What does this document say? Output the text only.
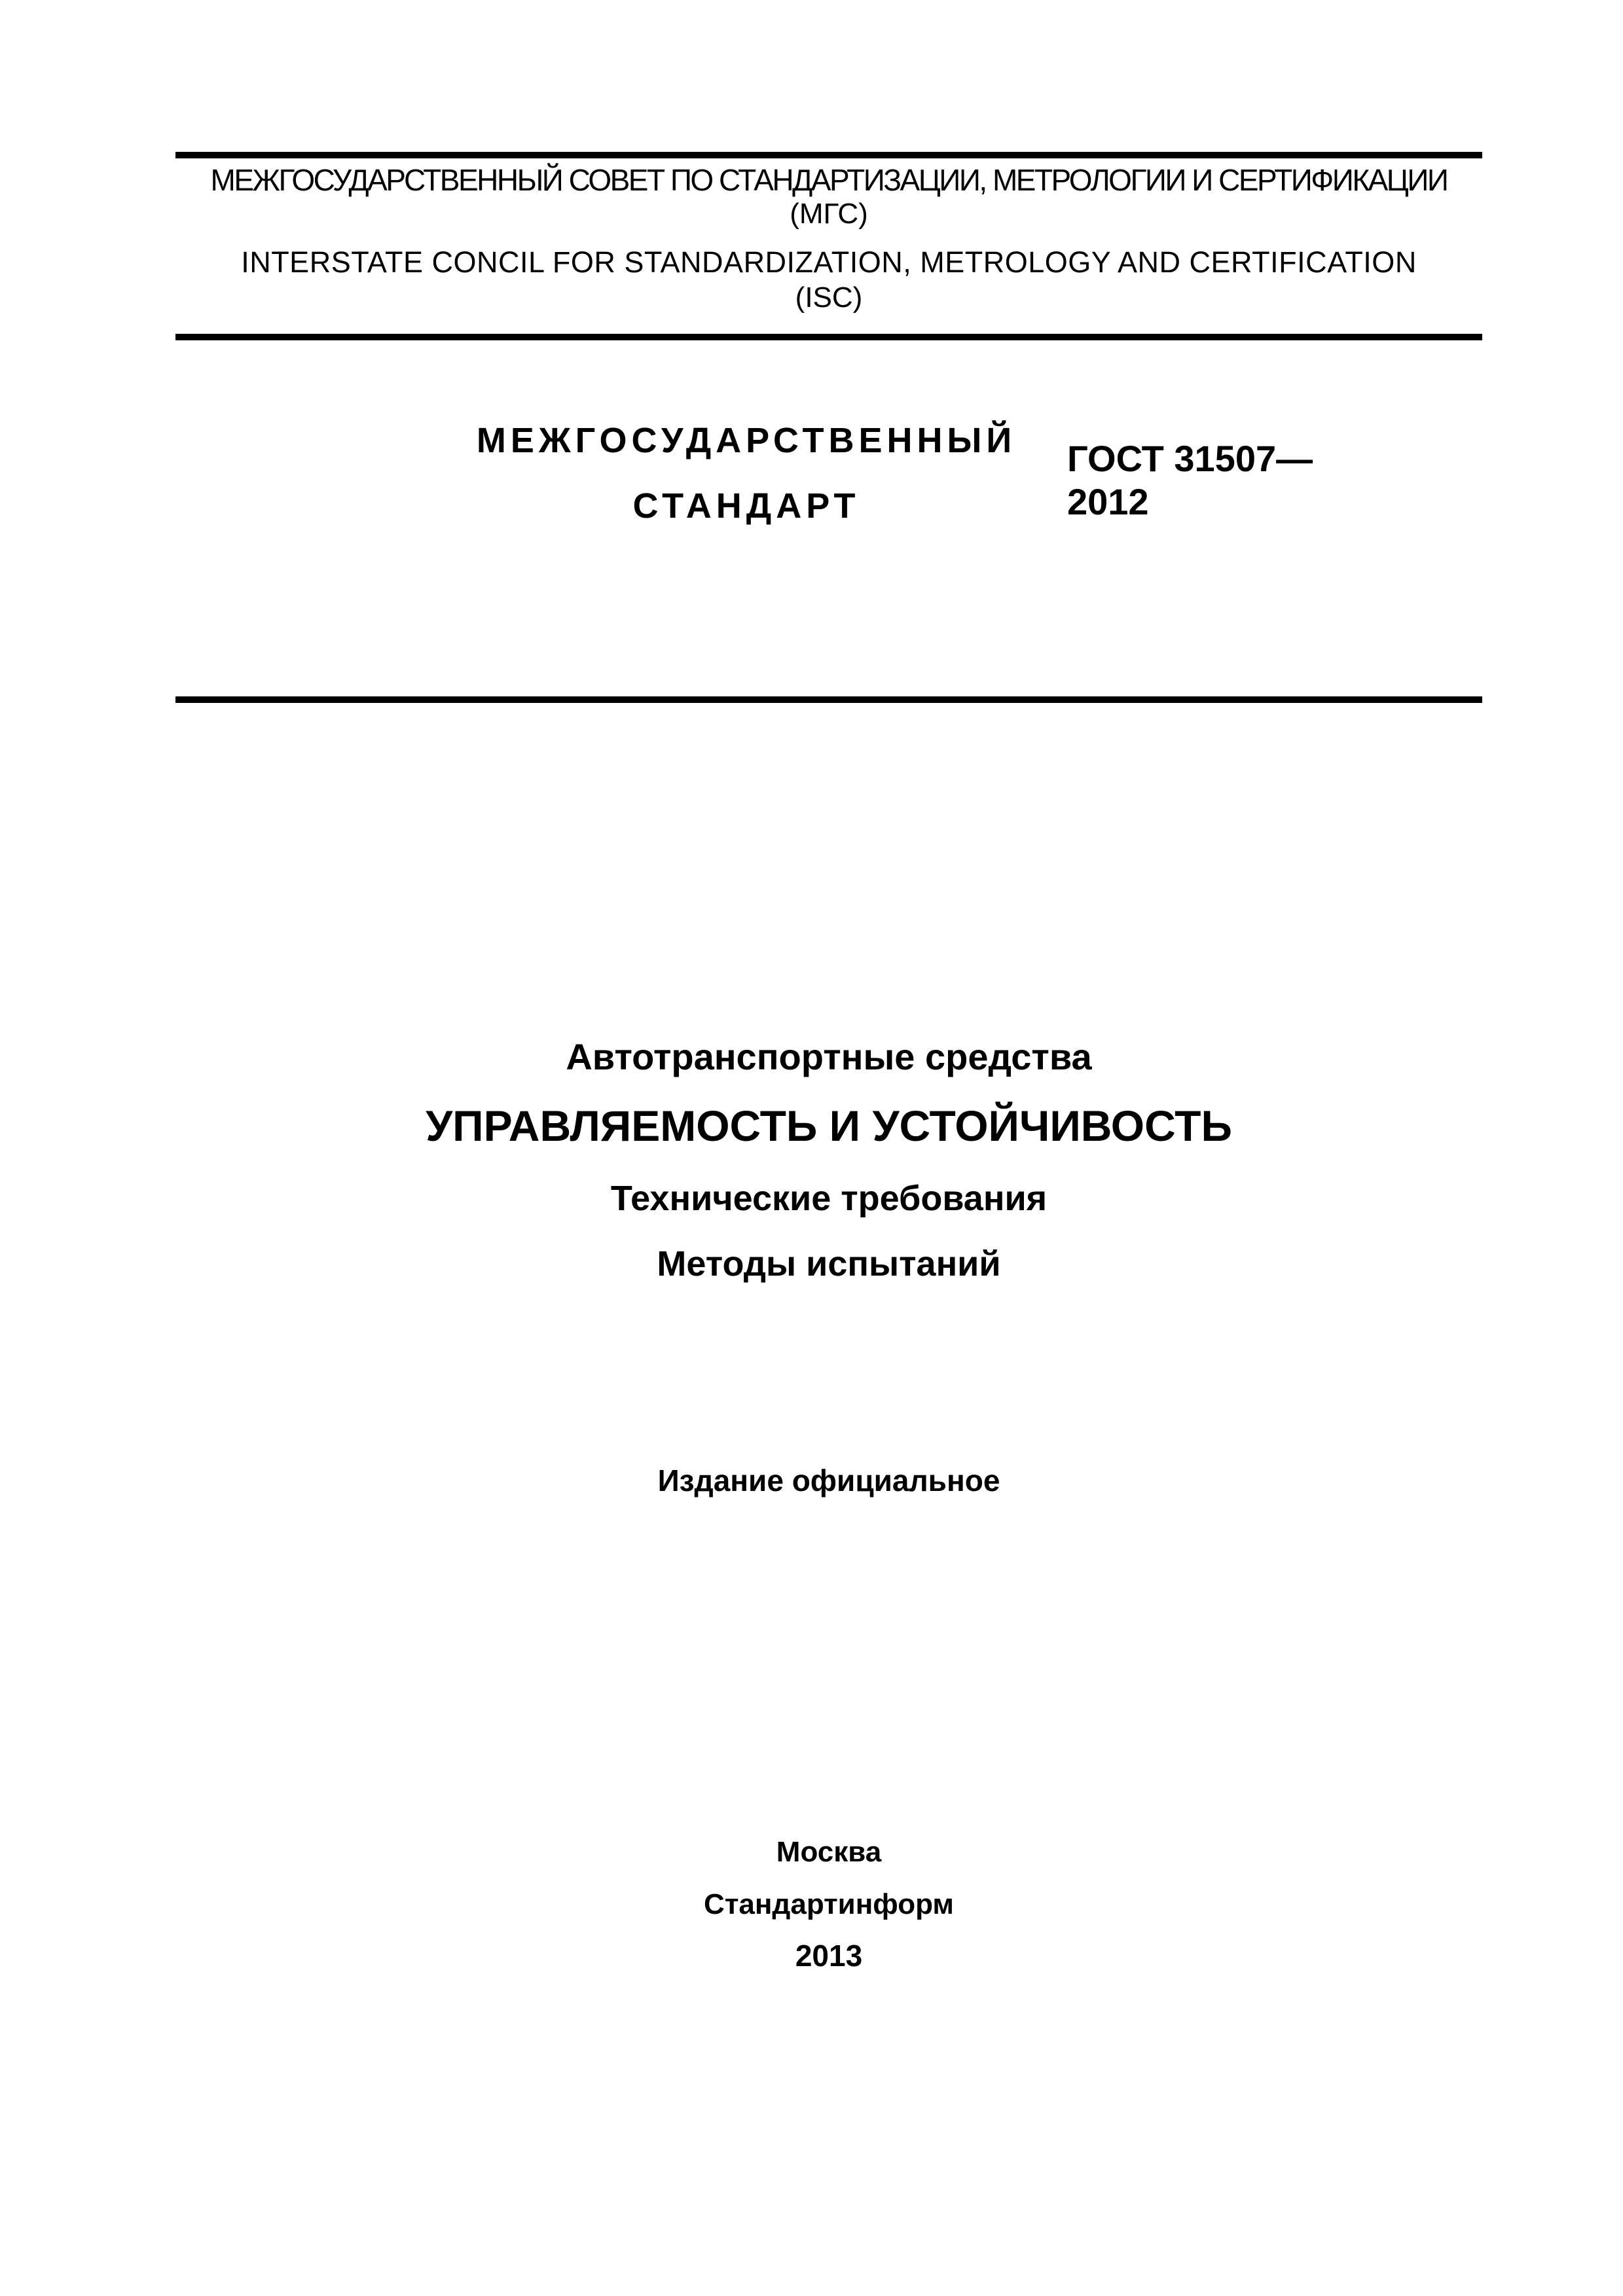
МЕЖГОСУДАРСТВЕННЫЙ СОВЕТ ПО СТАНДАРТИЗАЦИИ, МЕТРОЛОГИИ И СЕРТИФИКАЦИИ
(МГС)
INTERSTATE CONCIL FOR STANDARDIZATION, METROLOGY AND CERTIFICATION
(ISC)
МЕЖГОСУДАРСТВЕННЫЙ
СТАНДАРТ
ГОСТ 31507—
2012
Автотранспортные средства
УПРАВЛЯЕМОСТЬ И УСТОЙЧИВОСТЬ
Технические требования
Методы испытаний
Издание официальное
Москва
Стандартинформ
2013
